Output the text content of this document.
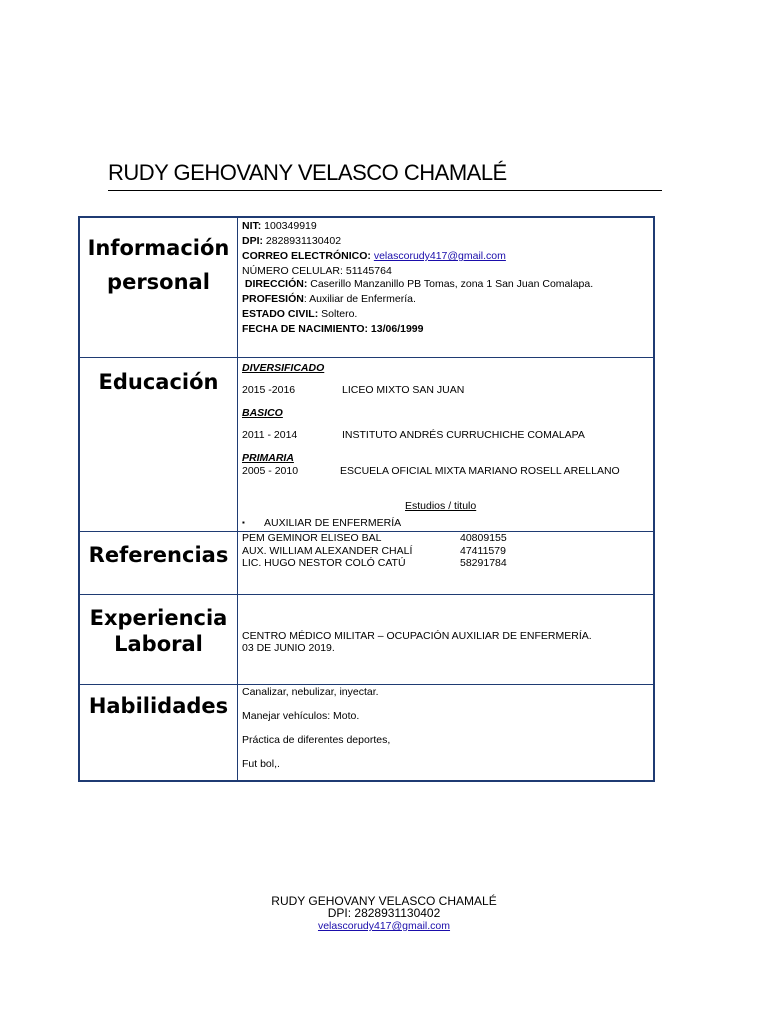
RUDY GEHOVANY VELASCO CHAMALÉ
Información personal
NIT: 100349919
DPI: 2828931130402
CORREO ELECTRÓNICO: velascorudy417@gmail.com
NÚMERO CELULAR: 51145764
DIRECCIÓN: Caserillo Manzanillo PB Tomas, zona 1 San Juan Comalapa.
PROFESIÓN: Auxiliar de Enfermería.
ESTADO CIVIL: Soltero.
FECHA DE NACIMIENTO: 13/06/1999
Educación
DIVERSIFICADO
2015 -2016	LICEO MIXTO SAN JUAN
BASICO
2011 - 2014	INSTITUTO ANDRÉS CURRUCHICHE COMALAPA
PRIMARIA
2005 - 2010	ESCUELA OFICIAL MIXTA MARIANO ROSELL ARELLANO
Estudios / titulo
▪ AUXILIAR DE ENFERMERÍA
Referencias
PEM GEMINOR ELISEO BAL	40809155
AUX. WILLIAM ALEXANDER CHALÍ	47411579
LIC. HUGO NESTOR COLÓ CATÚ	58291784
Experiencia Laboral	CENTRO MÉDICO MILITAR – OCUPACIÓN AUXILIAR DE ENFERMERÍA.
03 DE JUNIO 2019.
Habilidades
Canalizar, nebulizar, inyectar.
Manejar vehículos: Moto.
Práctica de diferentes deportes,
Fut bol,.
RUDY GEHOVANY VELASCO CHAMALÉ
DPI: 2828931130402
velascorudy417@gmail.com
